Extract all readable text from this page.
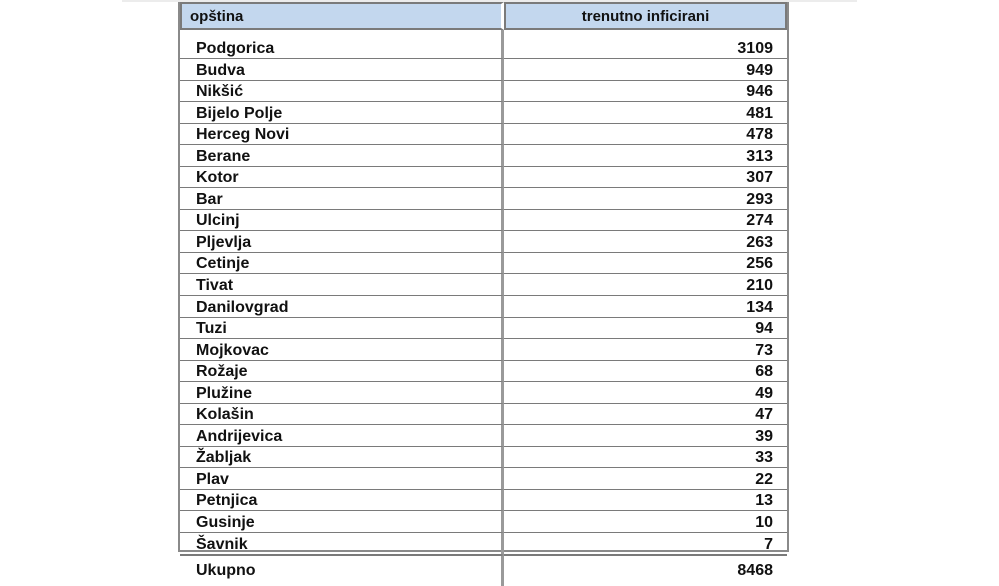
opština	trenutno inficirani
Podgorica	3109
Budva	949
Nikšić	946
Bijelo Polje	481
Herceg Novi	478
Berane	313
Kotor	307
Bar	293
Ulcinj	274
Pljevlja	263
Cetinje	256
Tivat	210
Danilovgrad	134
Tuzi	94
Mojkovac	73
Rožaje	68
Plužine	49
Kolašin	47
Andrijevica	39
Žabljak	33
Plav	22
Petnjica	13
Gusinje	10
Šavnik	7
Ukupno	8468
